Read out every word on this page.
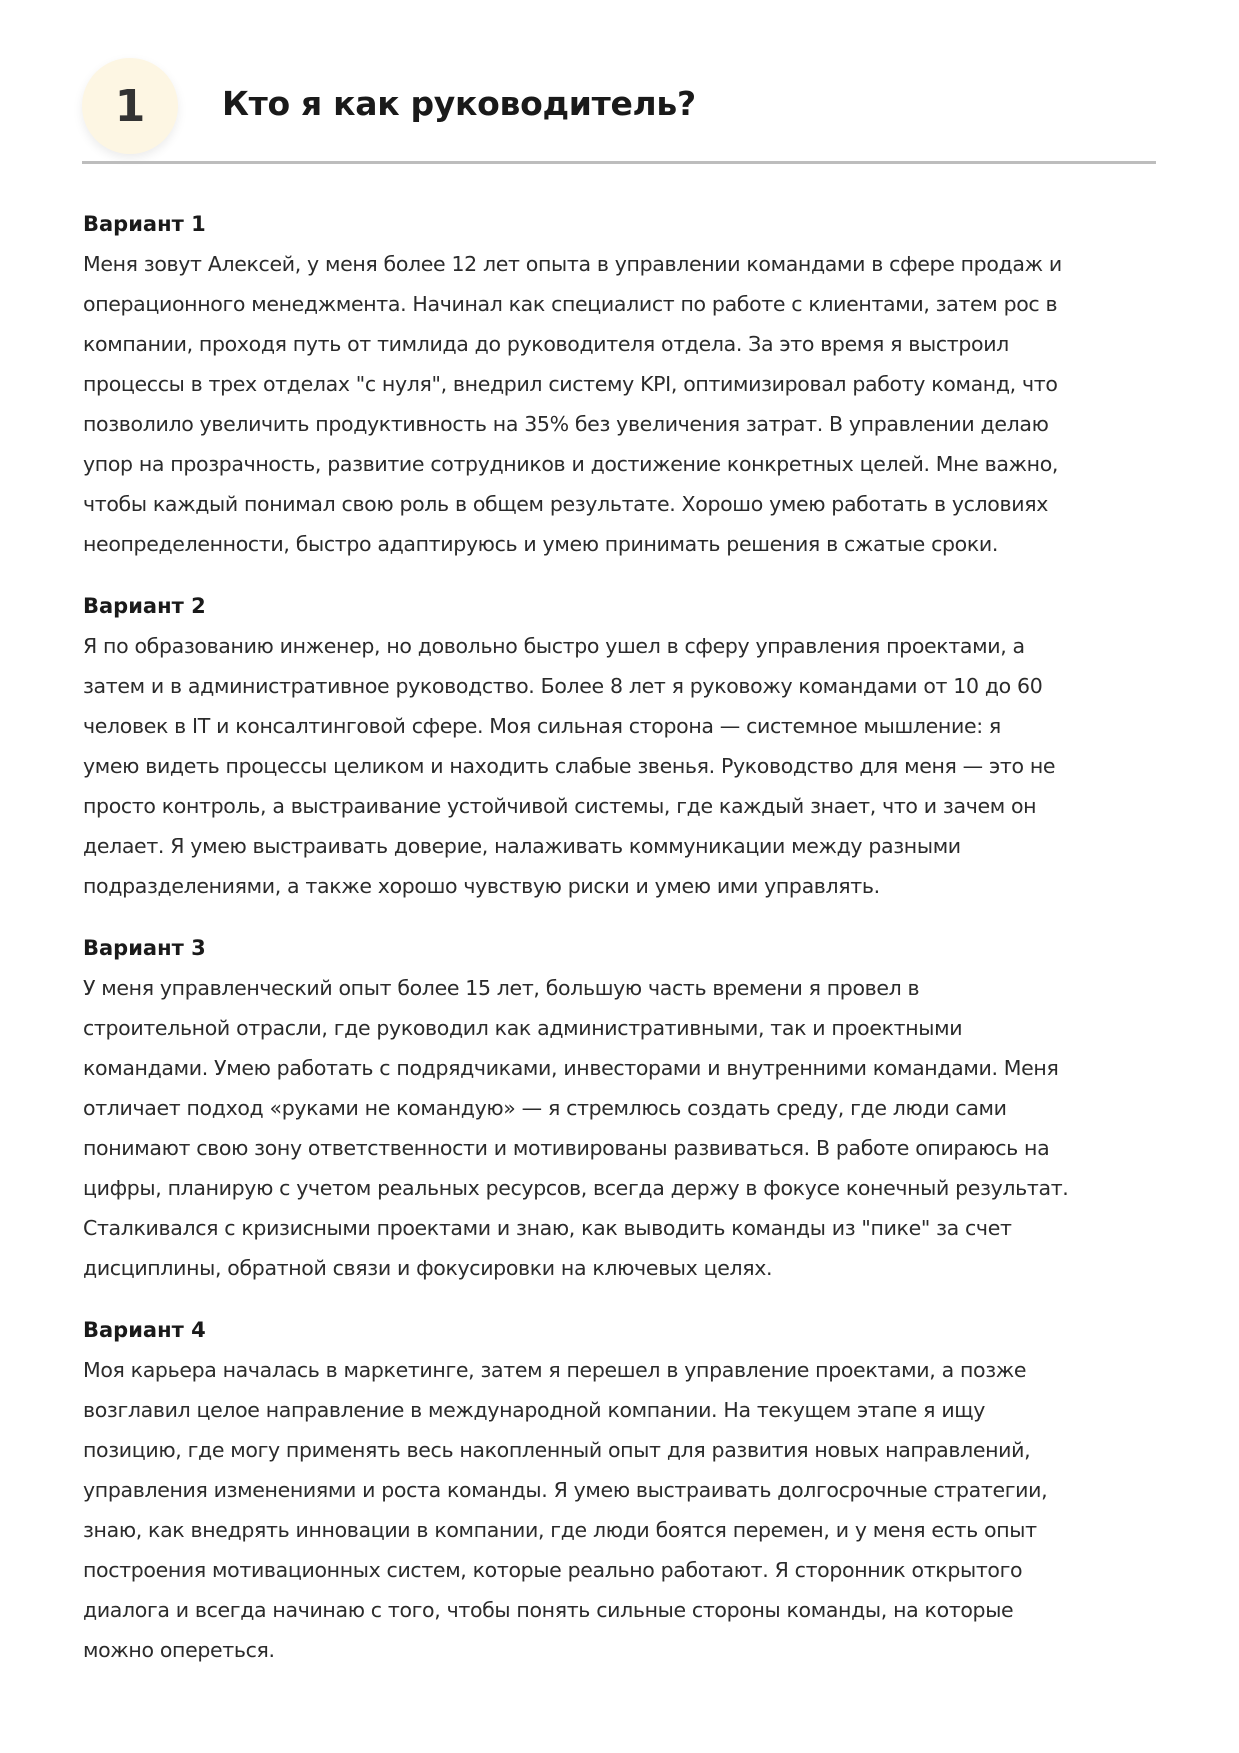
1	Кто я как руководитель?
Вариант 1
Меня зовут Алексей, у меня более 12 лет опыта в управлении командами в сфере продаж и
операционного менеджмента. Начинал как специалист по работе с клиентами, затем рос в
компании, проходя путь от тимлида до руководителя отдела. За это время я выстроил
процессы в трех отделах "с нуля", внедрил систему KPI, оптимизировал работу команд, что
позволило увеличить продуктивность на 35% без увеличения затрат. В управлении делаю
упор на прозрачность, развитие сотрудников и достижение конкретных целей. Мне важно,
чтобы каждый понимал свою роль в общем результате. Хорошо умею работать в условиях
неопределенности, быстро адаптируюсь и умею принимать решения в сжатые сроки.
Вариант 2
Я по образованию инженер, но довольно быстро ушел в сферу управления проектами, а
затем и в административное руководство. Более 8 лет я руковожу командами от 10 до 60
человек в IT и консалтинговой сфере. Моя сильная сторона — системное мышление: я
умею видеть процессы целиком и находить слабые звенья. Руководство для меня — это не
просто контроль, а выстраивание устойчивой системы, где каждый знает, что и зачем он
делает. Я умею выстраивать доверие, налаживать коммуникации между разными
подразделениями, а также хорошо чувствую риски и умею ими управлять.
Вариант 3
У меня управленческий опыт более 15 лет, большую часть времени я провел в
строительной отрасли, где руководил как административными, так и проектными
командами. Умею работать с подрядчиками, инвесторами и внутренними командами. Меня
отличает подход «руками не командую» — я стремлюсь создать среду, где люди сами
понимают свою зону ответственности и мотивированы развиваться. В работе опираюсь на
цифры, планирую с учетом реальных ресурсов, всегда держу в фокусе конечный результат.
Сталкивался с кризисными проектами и знаю, как выводить команды из "пике" за счет
дисциплины, обратной связи и фокусировки на ключевых целях.
Вариант 4
Моя карьера началась в маркетинге, затем я перешел в управление проектами, а позже
возглавил целое направление в международной компании. На текущем этапе я ищу
позицию, где могу применять весь накопленный опыт для развития новых направлений,
управления изменениями и роста команды. Я умею выстраивать долгосрочные стратегии,
знаю, как внедрять инновации в компании, где люди боятся перемен, и у меня есть опыт
построения мотивационных систем, которые реально работают. Я сторонник открытого
диалога и всегда начинаю с того, чтобы понять сильные стороны команды, на которые
можно опереться.
